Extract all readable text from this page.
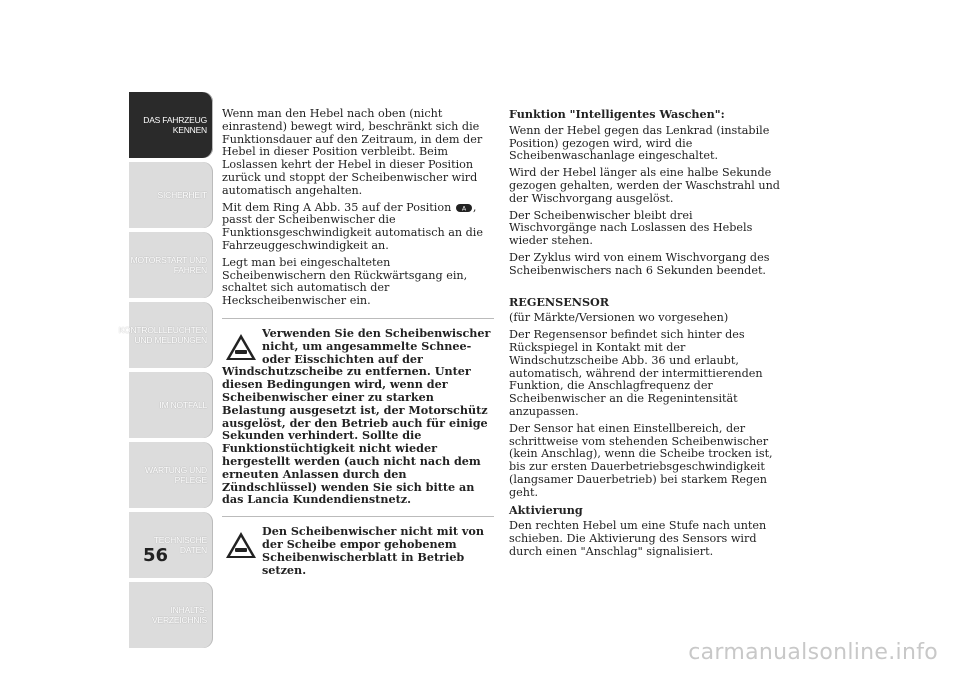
DAS FAHRZEUG KENNEN
SICHERHEIT
MOTORSTART UND FAHREN
KONTROLLLEUCHTEN UND MELDUNGEN
IM NOTFALL
WARTUNG UND PFLEGE
TECHNISCHE DATEN
INHALTS- VERZEICHNIS
56

Wenn man den Hebel nach oben (nicht einrastend) bewegt wird, beschränkt sich die Funktionsdauer auf den Zeitraum, in dem der Hebel in dieser Position verbleibt. Beim Loslassen kehrt der Hebel in dieser Position zurück und stoppt der Scheibenwischer wird automatisch angehalten.

Mit dem Ring A Abb. 35 auf der Position A , passt der Scheibenwischer die Funktionsgeschwindigkeit automatisch an die Fahrzeuggeschwindigkeit an.

Legt man bei eingeschalteten Scheibenwischern den Rückwärtsgang ein, schaltet sich automatisch der Heckscheibenwischer ein.

Verwenden Sie den Scheibenwischer nicht, um angesammelte Schnee- oder Eisschichten auf der

Windschutzscheibe zu entfernen. Unter diesen Bedingungen wird, wenn der Scheibenwischer einer zu starken Belastung ausgesetzt ist, der Motorschütz ausgelöst, der den Betrieb auch für einige Sekunden verhindert. Sollte die Funktionstüchtigkeit nicht wieder hergestellt werden (auch nicht nach dem erneuten Anlassen durch den Zündschlüssel) wenden Sie sich bitte an das Lancia Kundendienstnetz.

Den Scheibenwischer nicht mit von der Scheibe empor gehobenem Scheibenwischerblatt in Betrieb setzen.

Funktion "Intelligentes Waschen":

Wenn der Hebel gegen das Lenkrad (instabile Position) gezogen wird, wird die Scheibenwaschanlage eingeschaltet.

Wird der Hebel länger als eine halbe Sekunde gezogen gehalten, werden der Waschstrahl und der Wischvorgang ausgelöst.

Der Scheibenwischer bleibt drei Wischvorgänge nach Loslassen des Hebels wieder stehen.

Der Zyklus wird von einem Wischvorgang des Scheibenwischers nach 6 Sekunden beendet.

REGENSENSOR

(für Märkte/Versionen wo vorgesehen)

Der Regensensor befindet sich hinter des Rückspiegel in Kontakt mit der Windschutzscheibe Abb. 36 und erlaubt, automatisch, während der intermittierenden Funktion, die Anschlagfrequenz der Scheibenwischer an die Regenintensität anzupassen.

Der Sensor hat einen Einstellbereich, der schrittweise vom stehenden Scheibenwischer (kein Anschlag), wenn die Scheibe trocken ist, bis zur ersten Dauerbetriebsgeschwindigkeit (langsamer Dauerbetrieb) bei starkem Regen geht.

Aktivierung

Den rechten Hebel um eine Stufe nach unten schieben. Die Aktivierung des Sensors wird durch einen "Anschlag" signalisiert.

carmanualsonline.info
